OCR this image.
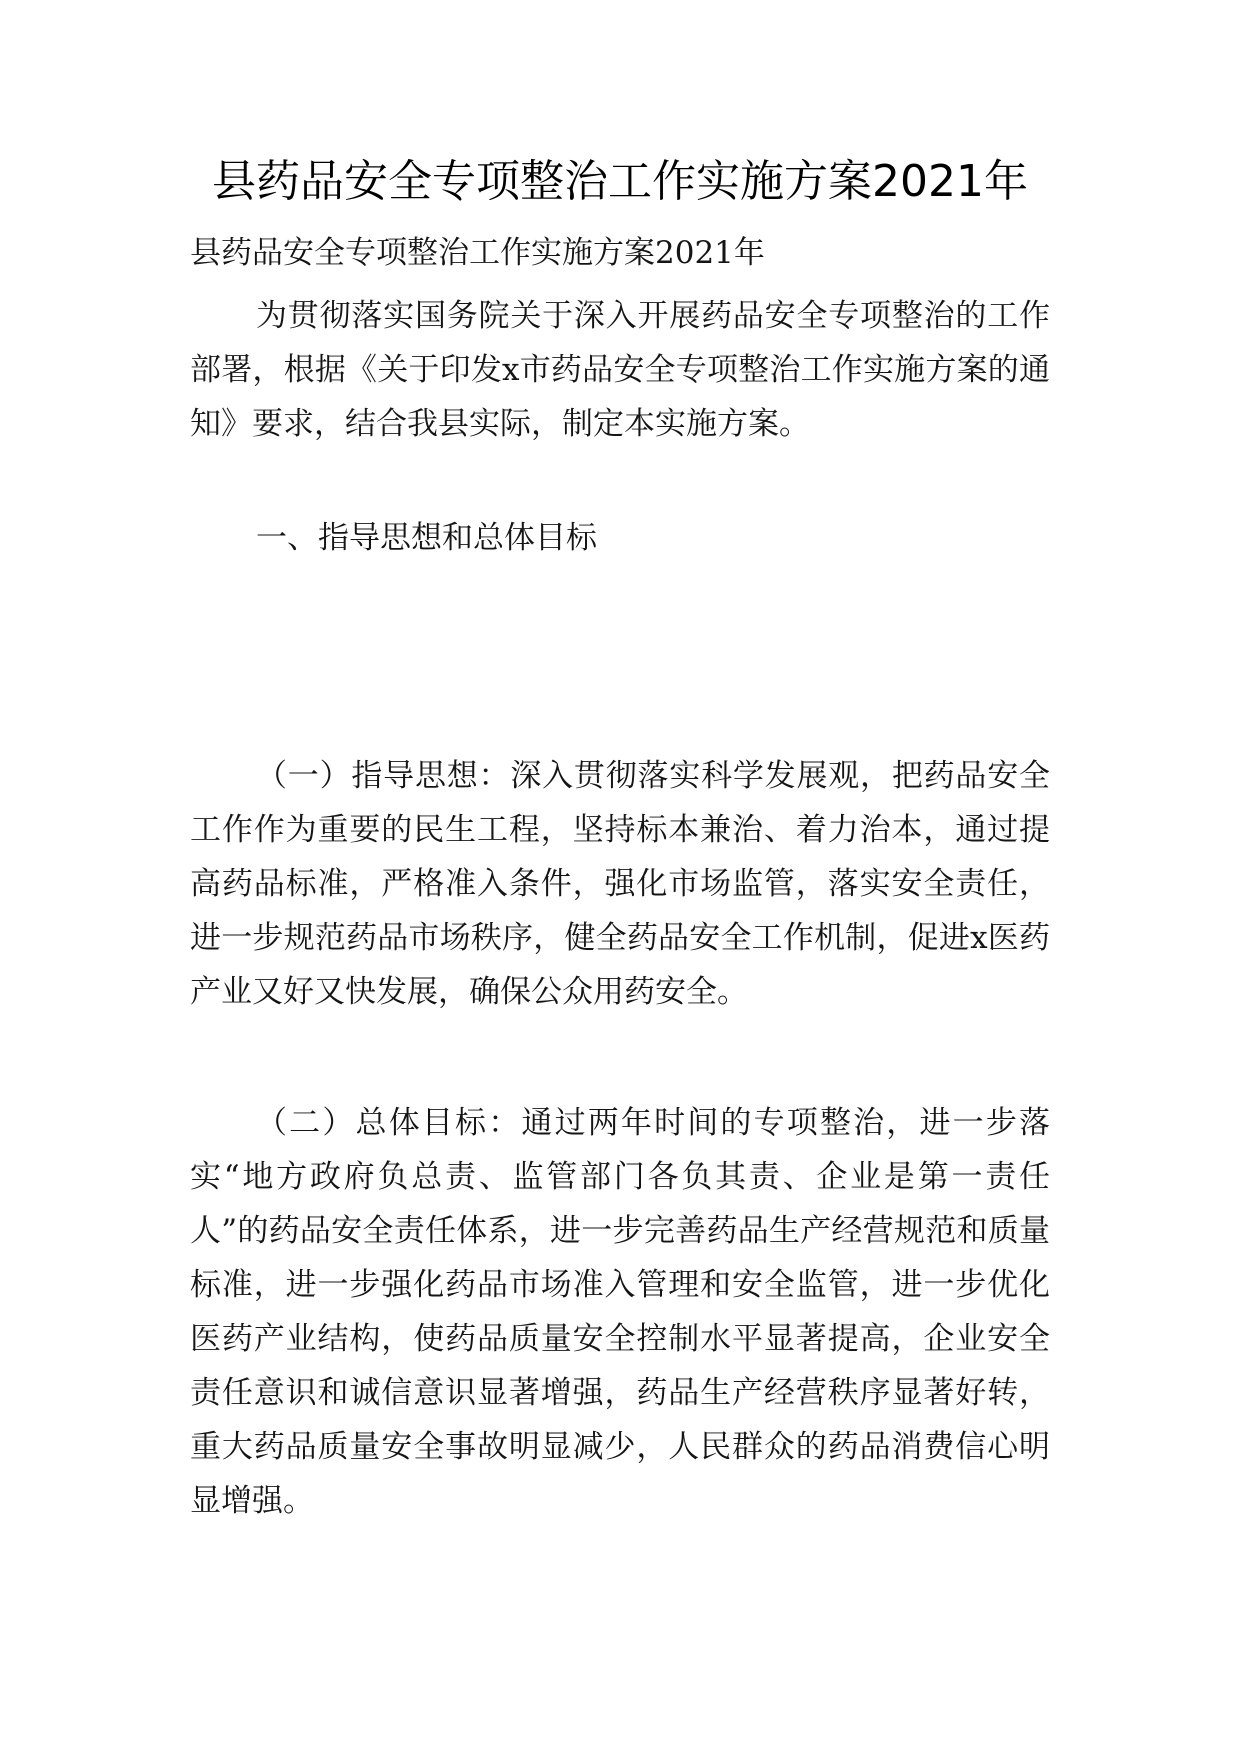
县药品安全专项整治工作实施方案2021年

县药品安全专项整治工作实施方案2021年

为贯彻落实国务院关于深入开展药品安全专项整治的工作部署，根据《关于印发x市药品安全专项整治工作实施方案的通知》要求，结合我县实际，制定本实施方案。

一、指导思想和总体目标

（一）指导思想：深入贯彻落实科学发展观，把药品安全工作作为重要的民生工程，坚持标本兼治、着力治本，通过提高药品标准，严格准入条件，强化市场监管，落实安全责任，进一步规范药品市场秩序，健全药品安全工作机制，促进x医药产业又好又快发展，确保公众用药安全。

（二）总体目标：通过两年时间的专项整治，进一步落实“地方政府负总责、监管部门各负其责、企业是第一责任人”的药品安全责任体系，进一步完善药品生产经营规范和质量标准，进一步强化药品市场准入管理和安全监管，进一步优化医药产业结构，使药品质量安全控制水平显著提高，企业安全责任意识和诚信意识显著增强，药品生产经营秩序显著好转，重大药品质量安全事故明显减少，人民群众的药品消费信心明显增强。
